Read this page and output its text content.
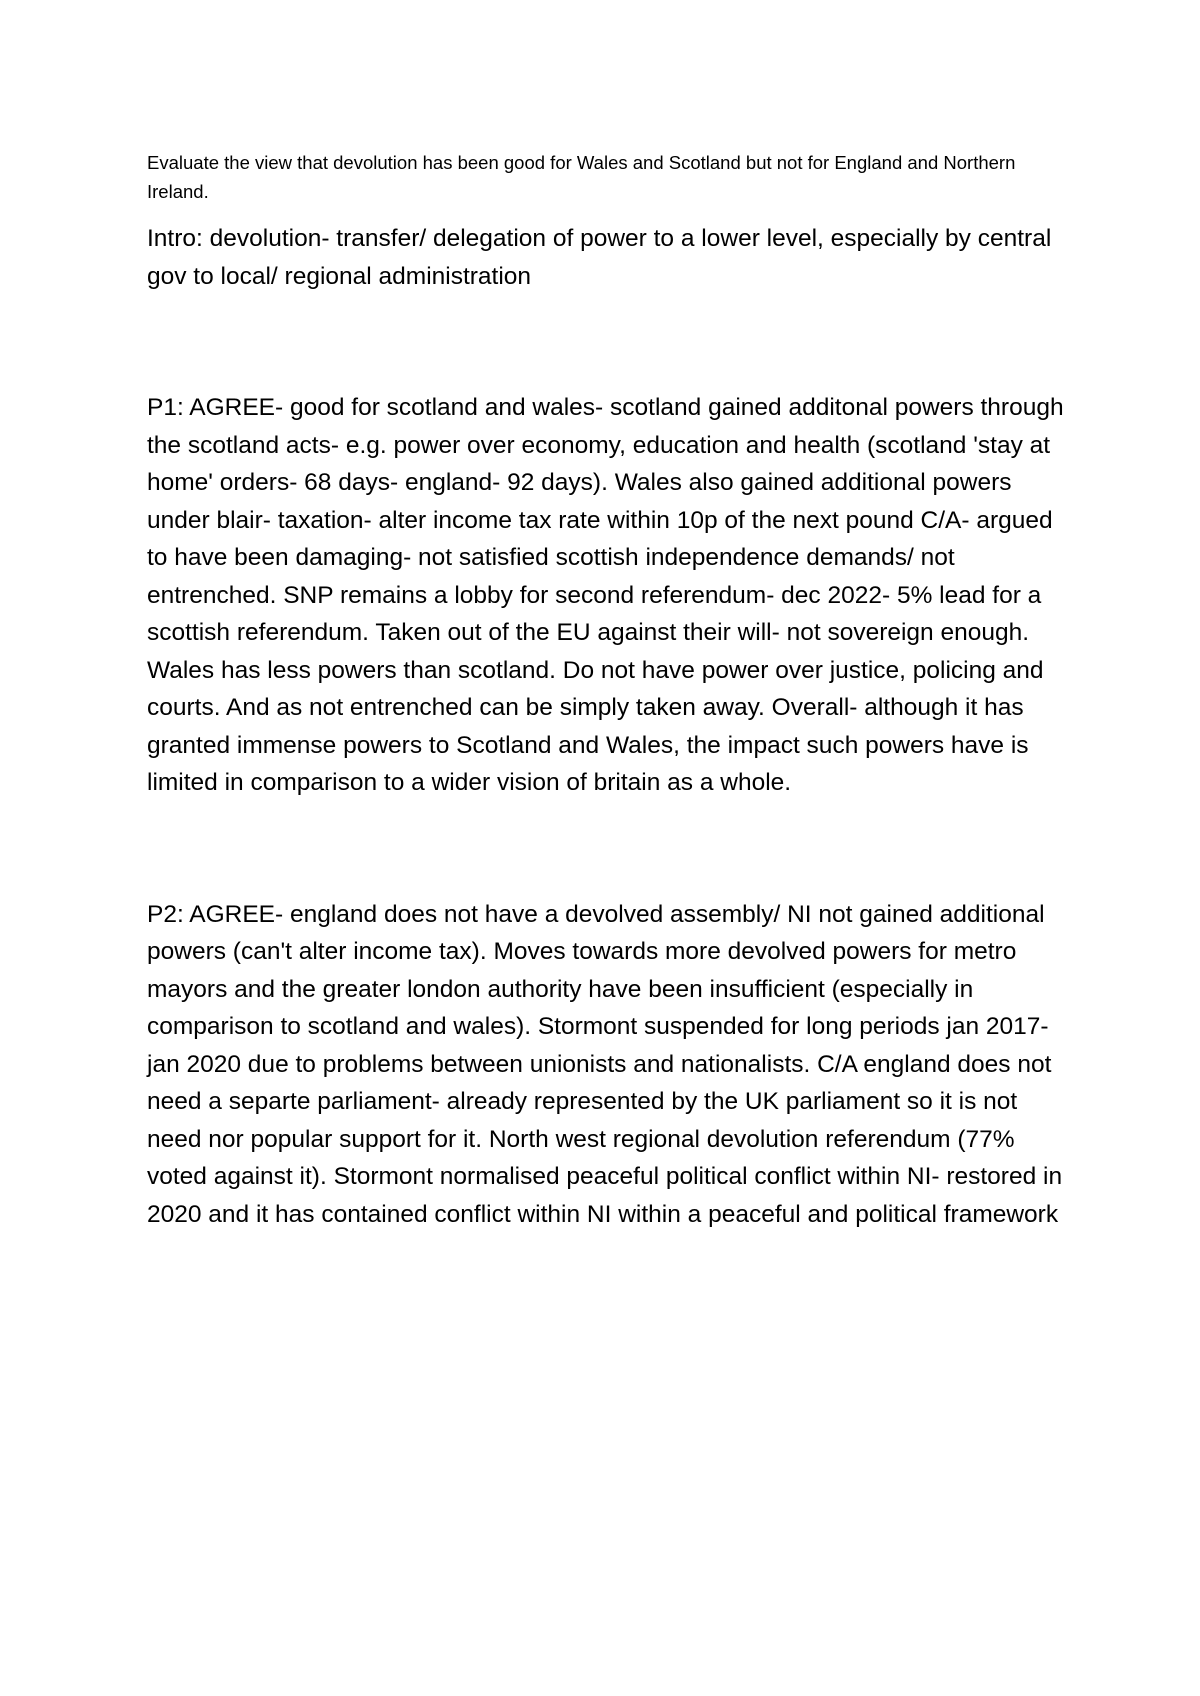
Evaluate the view that devolution has been good for Wales and Scotland but not for England and Northern Ireland.

Intro: devolution- transfer/ delegation of power to a lower level, especially by central gov to local/ regional administration

P1: AGREE- good for scotland and wales- scotland gained additonal powers through the scotland acts- e.g. power over economy, education and health (scotland 'stay at home' orders- 68 days- england- 92 days). Wales also gained additional powers under blair- taxation- alter income tax rate within 10p of the next pound C/A- argued to have been damaging- not satisfied scottish independence demands/ not entrenched. SNP remains a lobby for second referendum- dec 2022- 5% lead for a scottish referendum. Taken out of the EU against their will- not sovereign enough. Wales has less powers than scotland. Do not have power over justice, policing and courts. And as not entrenched can be simply taken away. Overall- although it has granted immense powers to Scotland and Wales, the impact such powers have is limited in comparison to a wider vision of britain as a whole.

P2: AGREE- england does not have a devolved assembly/ NI not gained additional powers (can't alter income tax). Moves towards more devolved powers for metro mayors and the greater london authority have been insufficient (especially in comparison to scotland and wales). Stormont suspended for long periods jan 2017- jan 2020 due to problems between unionists and nationalists. C/A england does not need a separte parliament- already represented by the UK parliament so it is not need nor popular support for it. North west regional devolution referendum (77% voted against it). Stormont normalised peaceful political conflict within NI- restored in 2020 and it has contained conflict within NI within a peaceful and political framework
